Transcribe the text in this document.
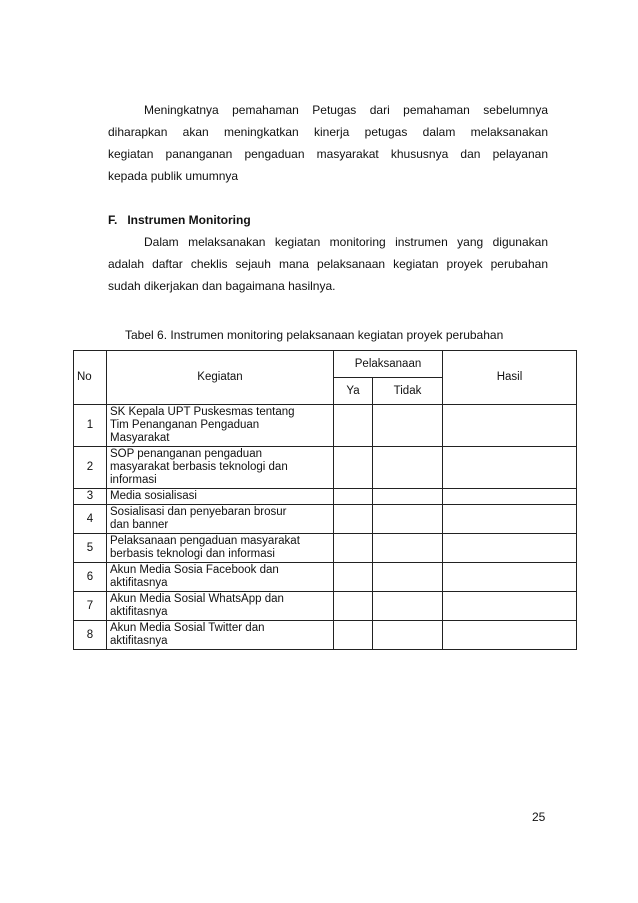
Meningkatnya pemahaman Petugas dari pemahaman sebelumnya
diharapkan akan meningkatkan kinerja petugas dalam melaksanakan
kegiatan pananganan pengaduan masyarakat khususnya dan pelayanan
kepada publik umumnya
F. Instrumen Monitoring
Dalam melaksanakan kegiatan monitoring instrumen yang digunakan
adalah daftar cheklis sejauh mana pelaksanaan kegiatan proyek perubahan
sudah dikerjakan dan bagaimana hasilnya.
Tabel 6. Instrumen monitoring pelaksanaan kegiatan proyek perubahan
No	Kegiatan	Pelaksanaan		Hasil
		Ya	Tidak	
1	SK Kepala UPT Puskesmas tentang
Tim Penanganan Pengaduan
Masyarakat			

2	SOP penanganan pengaduan
masyarakat berbasis teknologi dan
informasi			

3	Media sosialisasi			

4	Sosialisasi dan penyebaran brosur
dan banner			

5	Pelaksanaan pengaduan masyarakat
berbasis teknologi dan informasi			

6	Akun Media Sosia Facebook dan
aktifitasnya			

7	Akun Media Sosial WhatsApp dan
aktifitasnya			

8	Akun Media Sosial Twitter dan
aktifitasnya			

25
